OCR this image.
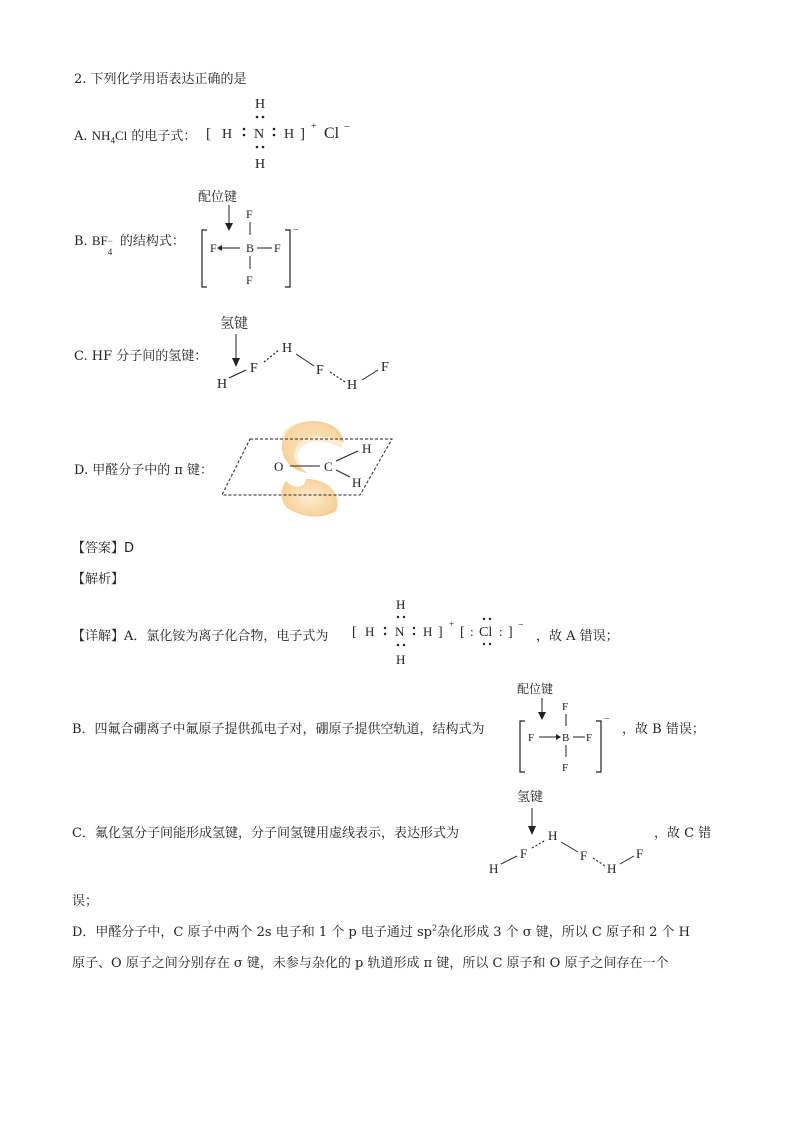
2. 下列化学用语表达正确的是
A. $NH_4Cl$ 的电子式：
H
[ H N H ] +
H
Cl −
B. BF −
4
的结构式：
配位键
−
F
F B F
F
C. HF 分子间的氢键：
氢键
H
F
H
F
H
F
D. 甲醛分子中的 π 键：	O	C
H
H
【答案】D
【解析】
【详解】A．氯化铵为离子化合物，电子式为
H
[ H N H ]
+
H
[ : Cl : ] −
，故 A 错误；
B．四氟合硼离子中氟原子提供孤电子对，硼原子提供空轨道，结构式为
配位键
−
F
F	B F
F
，故 B 错误；
C．氟化氢分子间能形成氢键，分子间氢键用虚线表示，表达形式为
氢键
H
F
H
F
H
F
，故 C 错
误；
D．甲醛分子中，C 原子中两个 2s 电子和 1 个 p 电子通过 $sp^2$杂化形成 3 个 σ 键，所以 C 原子和 2 个 H
原子、O 原子之间分别存在 σ 键，未参与杂化的 p 轨道形成 π 键，所以 C 原子和 O 原子之间存在一个
